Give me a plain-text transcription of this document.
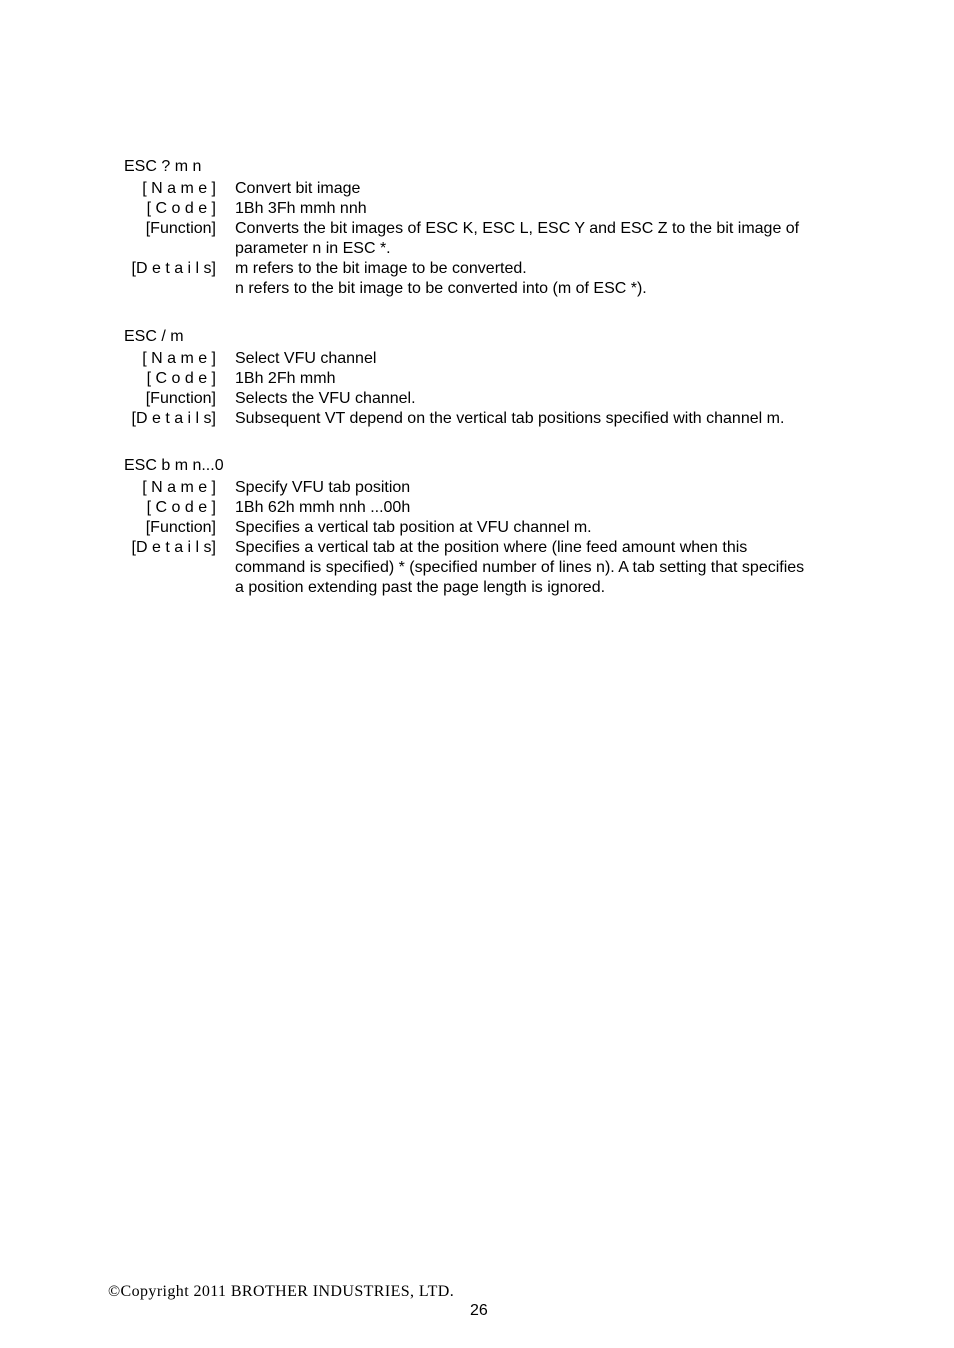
ESC ? m n
[ N a m e ] Convert bit image
[ C o d e ] 1Bh 3Fh mmh nnh
[Function] Converts the bit images of ESC K, ESC L, ESC Y and ESC Z to the bit image of
parameter n in ESC *.
[D e t a i l s] m refers to the bit image to be converted.
n refers to the bit image to be converted into (m of ESC *).
ESC / m
[ N a m e ] Select VFU channel
[ C o d e ] 1Bh 2Fh mmh
[Function] Selects the VFU channel.
[D e t a i l s] Subsequent VT depend on the vertical tab positions specified with channel m.
ESC b m n...0
[ N a m e ] Specify VFU tab position
[ C o d e ] 1Bh 62h mmh nnh ...00h
[Function] Specifies a vertical tab position at VFU channel m.
[D e t a i l s] Specifies a vertical tab at the position where (line feed amount when this
command is specified) * (specified number of lines n). A tab setting that specifies
a position extending past the page length is ignored.
©Copyright 2011 BROTHER INDUSTRIES, LTD.
26
